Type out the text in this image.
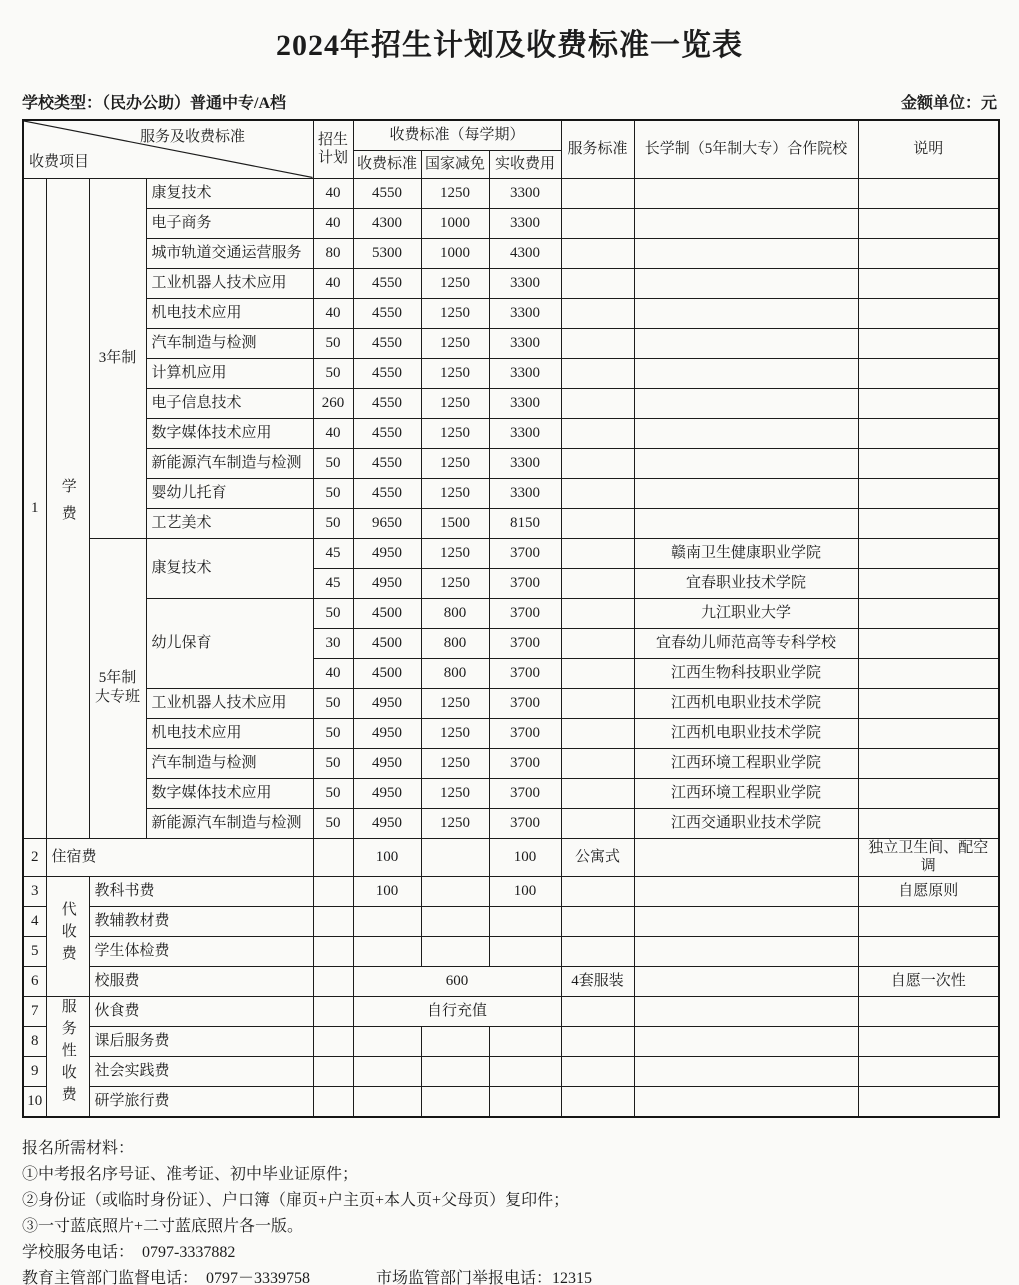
2024年招生计划及收费标准一览表
学校类型：（民办公助）普通中专/A档	金额单位：元
服务及收费标准
收费项目				招生计划	收费标准（每学期）			服务标准	长学制（5年制大专）合作院校	说明
					收费标准	国家减免	实收费用			
1	学费	3年制	康复技术	40	4550	1250	3300			
			电子商务	40	4300	1000	3300			
			城市轨道交通运营服务	80	5300	1000	4300			
			工业机器人技术应用	40	4550	1250	3300			
			机电技术应用	40	4550	1250	3300			
			汽车制造与检测	50	4550	1250	3300			
			计算机应用	50	4550	1250	3300			
			电子信息技术	260	4550	1250	3300			
			数字媒体技术应用	40	4550	1250	3300			
			新能源汽车制造与检测	50	4550	1250	3300			
			婴幼儿托育	50	4550	1250	3300			
			工艺美术	50	9650	1500	8150			
		5年制大专班	康复技术	45	4950	1250	3700		赣南卫生健康职业学院	
				45	4950	1250	3700		宜春职业技术学院	
			幼儿保育	50	4500	800	3700		九江职业大学	
				30	4500	800	3700		宜春幼儿师范高等专科学校	
				40	4500	800	3700		江西生物科技职业学院	
			工业机器人技术应用	50	4950	1250	3700		江西机电职业技术学院	
			机电技术应用	50	4950	1250	3700		江西机电职业技术学院	
			汽车制造与检测	50	4950	1250	3700		江西环境工程职业学院	
			数字媒体技术应用	50	4950	1250	3700		江西环境工程职业学院	
			新能源汽车制造与检测	50	4950	1250	3700		江西交通职业技术学院	
2	住宿费				100		100	公寓式		独立卫生间、配空调
3	代收费	教科书费			100		100			自愿原则
4		教辅教材费								
5		学生体检费								
6		校服费			600			4套服装		自愿一次性
7	服务性收费	伙食费			自行充值					
8		课后服务费								
9		社会实践费								
10		研学旅行费								
报名所需材料：
①中考报名序号证、准考证、初中毕业证原件；
②身份证（或临时身份证）、户口簿（扉页+户主页+本人页+父母页）复印件；
③一寸蓝底照片+二寸蓝底照片各一版。
学校服务电话：  0797-3337882
教育主管部门监督电话：  0797－3339758	市场监管部门举报电话：12315
